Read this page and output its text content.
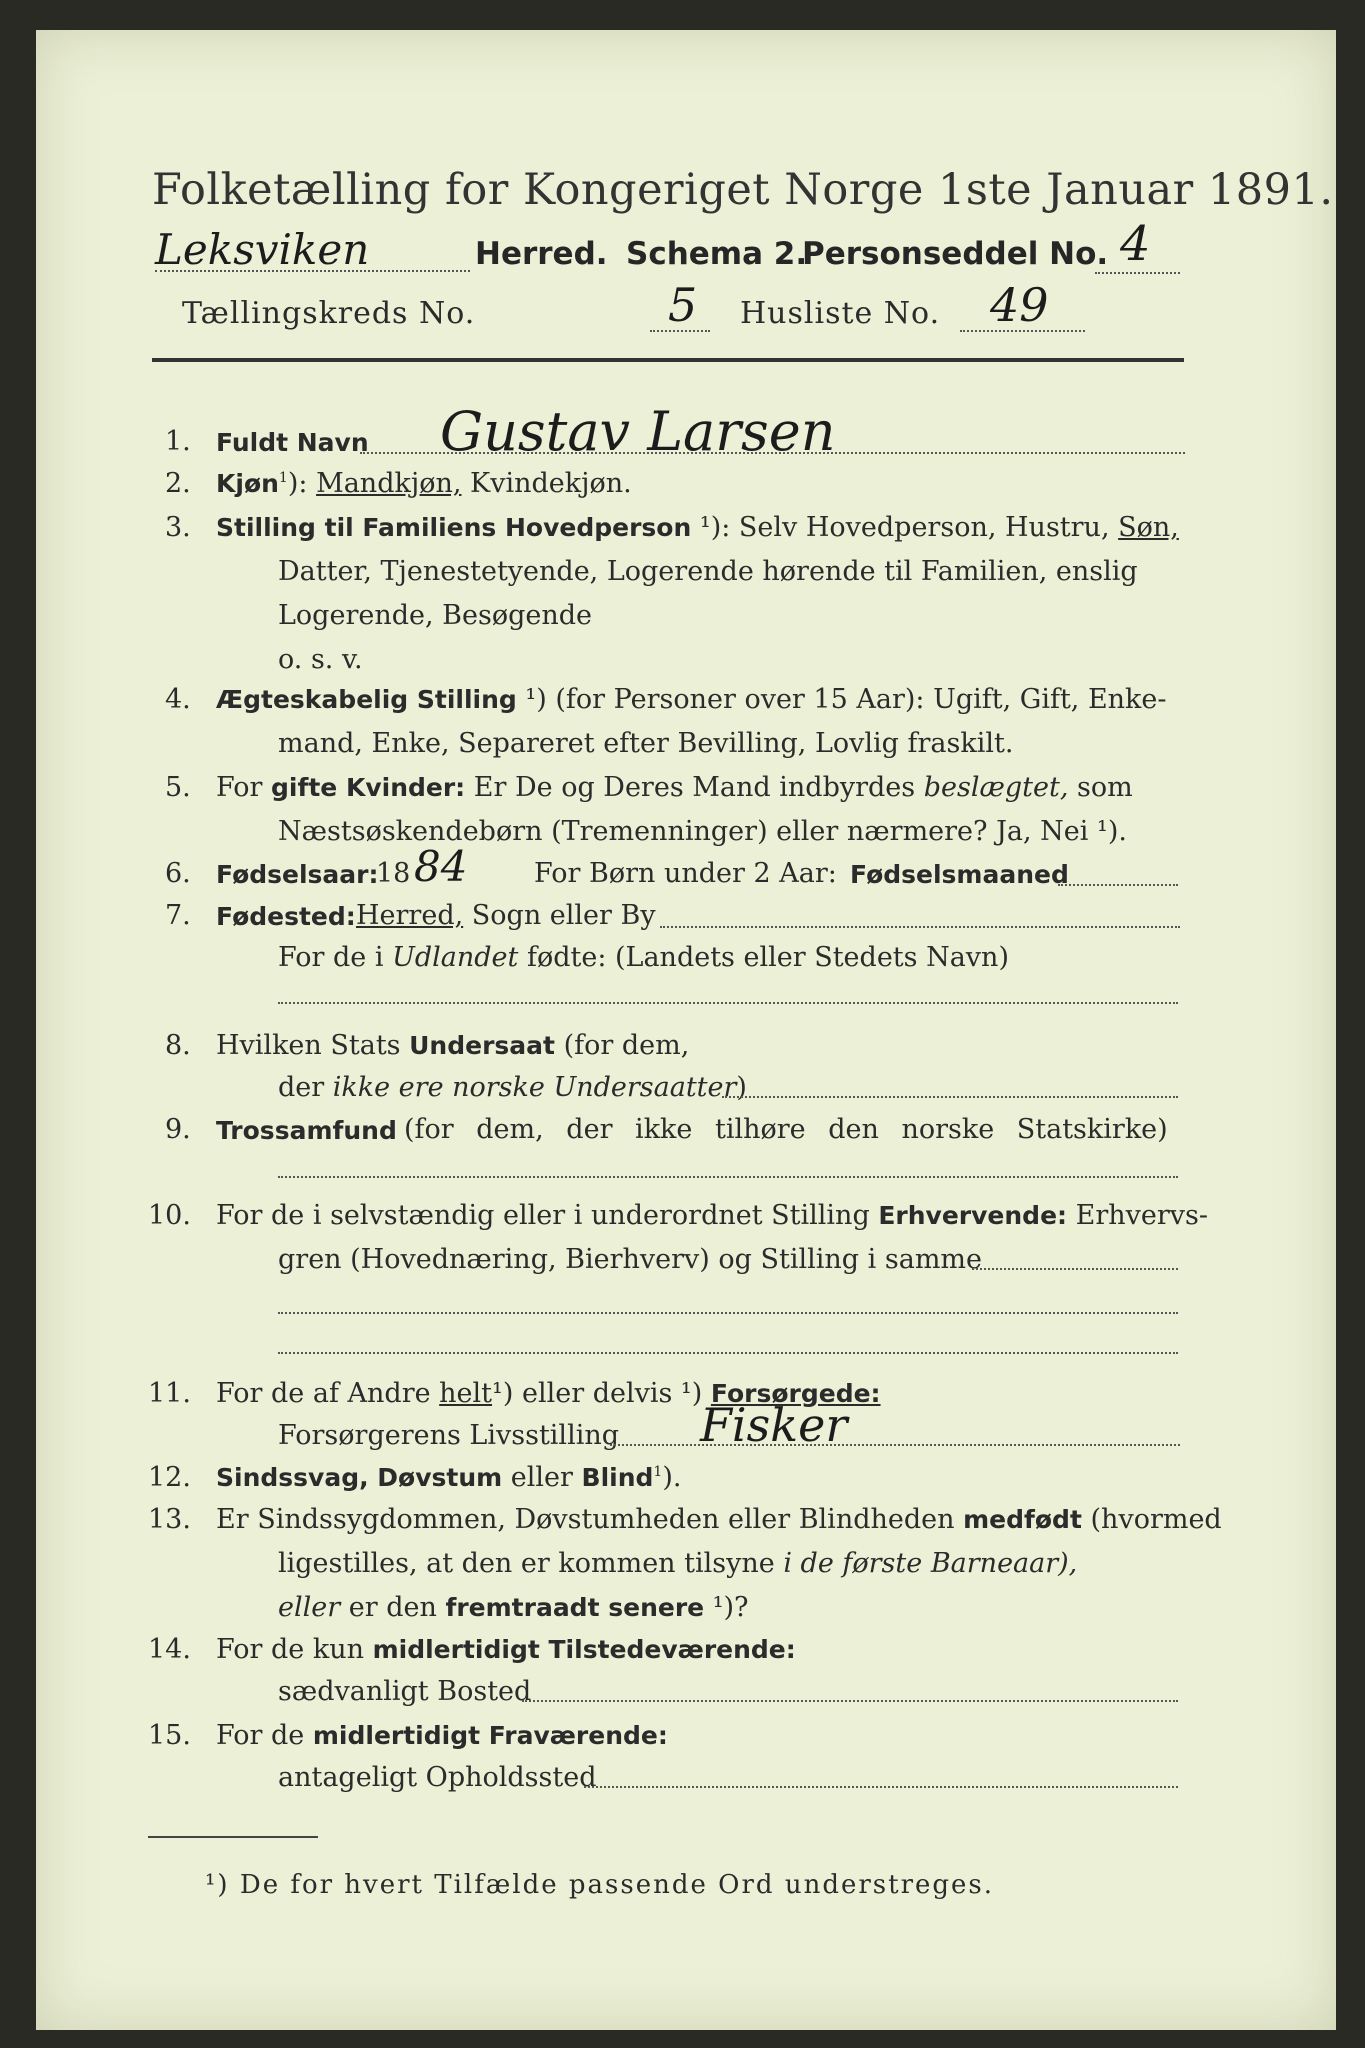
Folketælling for Kongeriget Norge 1ste Januar 1891.
Leksviken	Herred. Schema 2.
Personseddel No. 4
Tællingskreds No.	5 Husliste No. 49
1. Fuldt Navn Gustav Larsen
2. Kjøn$^1$): Mandkjøn, Kvindekjøn.
3. Stilling til Familiens Hovedperson ¹): Selv Hovedperson, Hustru, Søn,
Datter, Tjenestetyende, Logerende hørende til Familien, enslig
Logerende, Besøgende
o. s. v.
4. Ægteskabelig Stilling ¹) (for Personer over 15 Aar): Ugift, Gift, Enke-
mand, Enke, Separeret efter Bevilling, Lovlig fraskilt.
5. For gifte Kvinder: Er De og Deres Mand indbyrdes beslægtet, som
Næstsøskendebørn (Tremenninger) eller nærmere? Ja, Nei ¹).
6. Fødselsaar:
18 84 For Børn under 2 Aar: Fødselsmaaned
7. Fødested: Herred, Sogn eller By
For de i Udlandet fødte: (Landets eller Stedets Navn)
8. Hvilken Stats Undersaat (for dem,
der ikke ere norske Undersaatter)
9. Trossamfund (for dem, der ikke tilhøre den norske Statskirke)
10. For de i selvstændig eller i underordnet Stilling Erhvervende: Erhvervs-
gren (Hovednæring, Bierhverv) og Stilling i samme
11. For de af Andre helt¹) eller delvis ¹) Forsørgede:
Forsørgerens Livsstilling Fisker
12. Sindssvag, Døvstum eller Blind$^1$).
13. Er Sindssygdommen, Døvstumheden eller Blindheden medfødt (hvormed
ligestilles, at den er kommen tilsyne i de første Barneaar),
eller er den fremtraadt senere ¹)?
14. For de kun midlertidigt Tilstedeværende:
sædvanligt Bosted
15. For de midlertidigt Fraværende:
antageligt Opholdssted
¹) De for hvert Tilfælde passende Ord understreges.
